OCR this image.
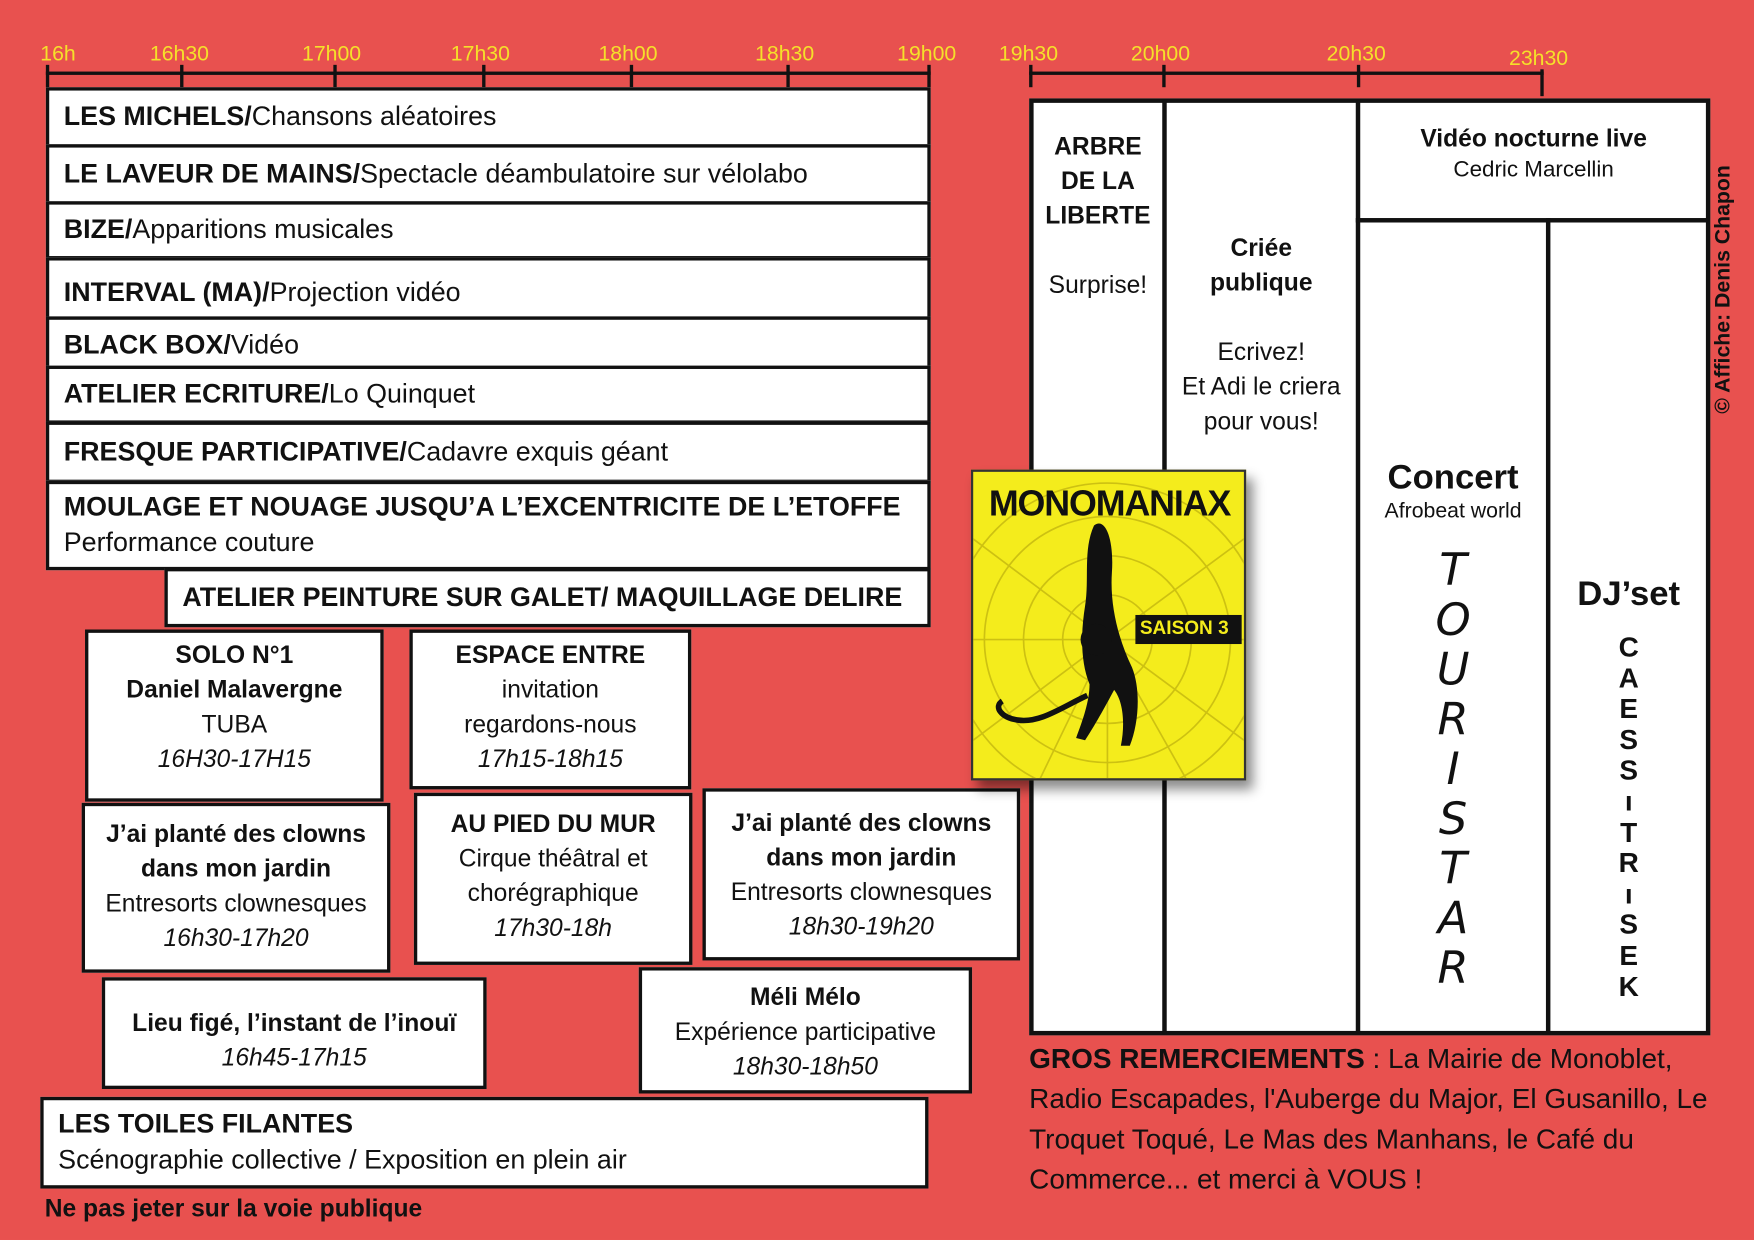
16h	16h30	17h00	17h30	18h00	18h30	19h00 19h30	20h00	20h30	23h30
LES MICHELS/ Chansons aléatoires
LE LAVEUR DE MAINS/ Spectacle déambulatoire sur vélolabo
BIZE/ Apparitions musicales
INTERVAL (MA)/ Projection vidéo
BLACK BOX/ Vidéo
ATELIER ECRITURE/ Lo Quinquet
FRESQUE PARTICIPATIVE/ Cadavre exquis géant
MOULAGE ET NOUAGE JUSQU’A L’EXCENTRICITE DE L’ETOFFE
Performance couture
ATELIER PEINTURE SUR GALET/ MAQUILLAGE DELIRE
SOLO N°1
Daniel Malavergne
TUBA
16H30-17H15
ESPACE ENTRE
invitation
regardons-nous
17h15-18h15
J’ai planté des clowns
dans mon jardin
Entresorts clownesques
16h30-17h20
AU PIED DU MUR
Cirque théâtral et
chorégraphique
17h30-18h
J’ai planté des clowns
dans mon jardin
Entresorts clownesques
18h30-19h20
Lieu figé, l’instant de l’inouï
16h45-17h15
Méli Mélo
Expérience participative
18h30-18h50
LES TOILES FILANTES
Scénographie collective / Exposition en plein air
Ne pas jeter sur la voie publique
ARBRE
DE LA
LIBERTE
Surprise!
Criée
publique
Ecrivez!
Et Adi le criera
pour vous!
Vidéo nocturne live
Cedric Marcellin
Concert
Afrobeat world
T
O
U
R
I
S
T
A
R
DJ’set
C
A
E
S
S
ı
T
R
ı
S
E
K
MONOMANIAX
SAISON 3
© Affiche: Denis Chapon
GROS REMERCIEMENTS : La Mairie de Monoblet, Radio Escapades, l'Auberge du Major, El Gusanillo, Le Troquet Toqué, Le Mas des Manhans, le Café du Commerce... et merci à VOUS !
